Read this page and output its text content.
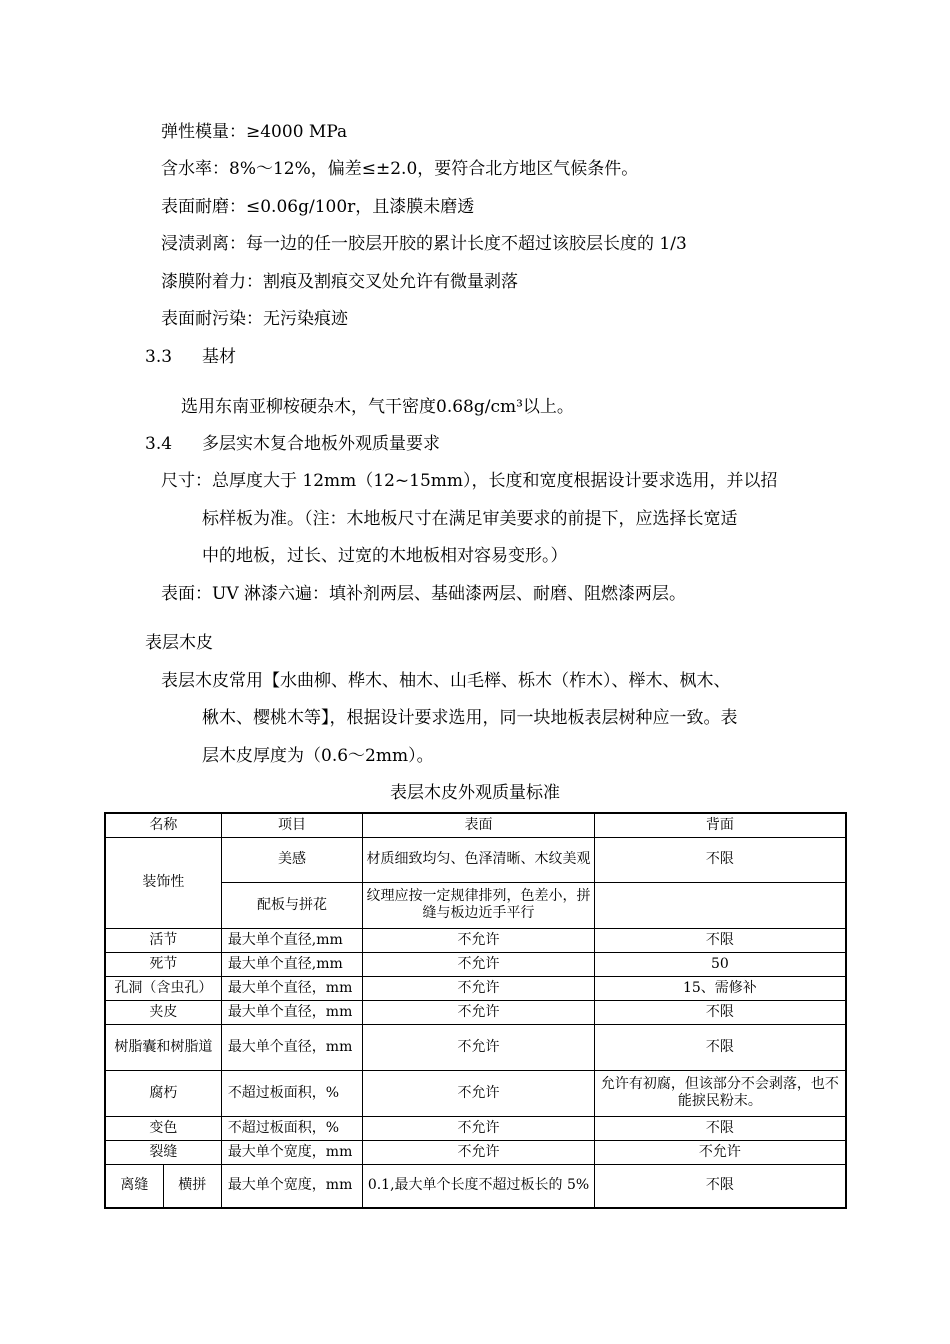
弹性模量：≥4000 MPa
含水率：8%～12%，偏差≤±2.0，要符合北方地区气候条件。
表面耐磨：≤0.06g/100r，且漆膜未磨透
浸渍剥离：每一边的任一胶层开胶的累计长度不超过该胶层长度的 1/3
漆膜附着力：割痕及割痕交叉处允许有微量剥落
表面耐污染：无污染痕迹
3.3 基材
选用东南亚柳桉硬杂木，气干密度0.68g/cm³以上。
3.4 多层实木复合地板外观质量要求
尺寸：总厚度大于 12mm（12~15mm），长度和宽度根据设计要求选用，并以招
标样板为准。（注：木地板尺寸在满足审美要求的前提下，应选择长宽适
中的地板，过长、过宽的木地板相对容易变形。）
表面：UV 淋漆六遍：填补剂两层、基础漆两层、耐磨、阻燃漆两层。
表层木皮
表层木皮常用【水曲柳、桦木、柚木、山毛榉、栎木（柞木）、榉木、枫木、
楸木、樱桃木等】，根据设计要求选用，同一块地板表层树种应一致。表
层木皮厚度为（0.6～2mm）。
表层木皮外观质量标准
名称		项目	表面	背面
装饰性		美感	材质细致均匀、色泽清晰、木纹美观	不限
		配板与拼花	纹理应按一定规律排列，色差小，拼缝与板边近手平行	
活节		最大单个直径,mm	不允许	不限
死节		最大单个直径,mm	不允许	50
孔洞（含虫孔）		最大单个直径，mm	不允许	15、需修补
夹皮		最大单个直径，mm	不允许	不限
树脂囊和树脂道		最大单个直径，mm	不允许	不限
腐朽		不超过板面积，%	不允许	允许有初腐，但该部分不会剥落，也不能捩民粉末。
变色		不超过板面积，%	不允许	不限
裂缝		最大单个宽度，mm	不允许	不允许
离缝	横拼	最大单个宽度，mm	0.1,最大单个长度不超过板长的 5%	不限
